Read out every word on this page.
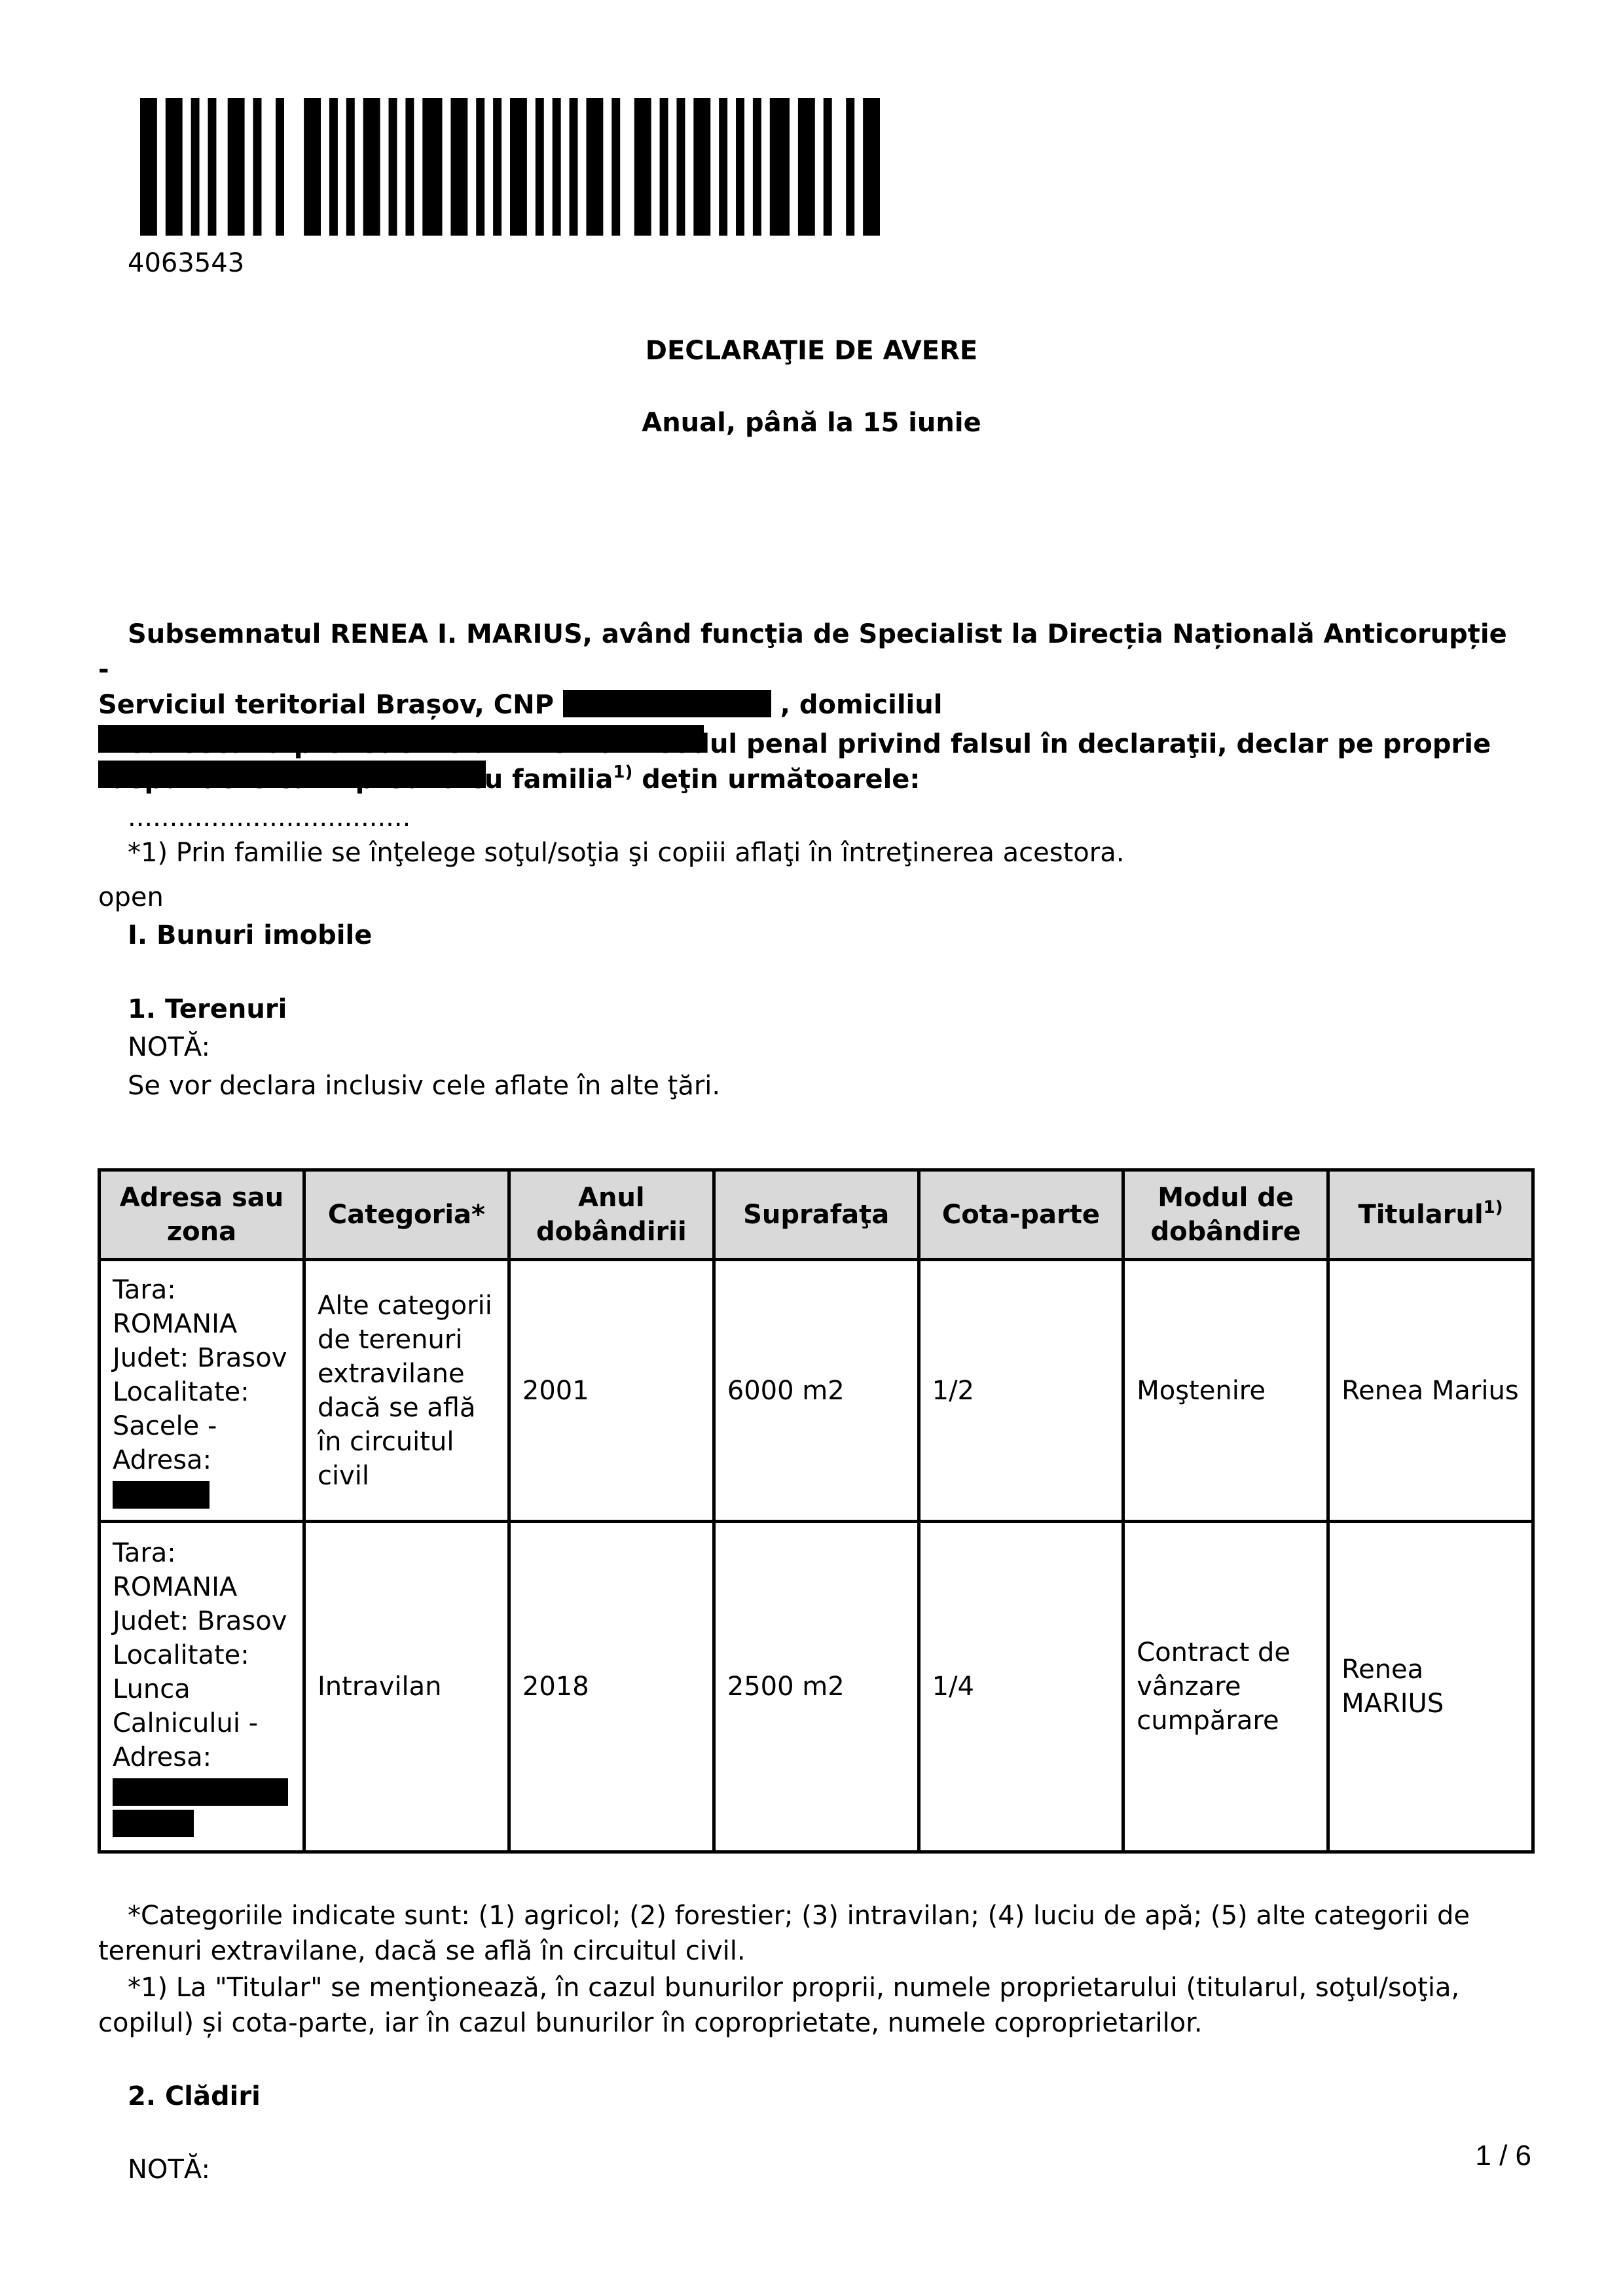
4063543
DECLARAŢIE DE AVERE
Anual, până la 15 iunie
Subsemnatul RENEA I. MARIUS, având funcţia de Specialist la Direcția Națională Anticorupție -
Serviciul teritorial Brașov, CNP	, domiciliul
cunoscând prevederile art. 292 din Codul penal privind falsul în declaraţii, declar pe proprie
răspundere că împreună cu familia$^{1)}$ deţin următoarele:
..................................
*1) Prin familie se înţelege soţul/soţia şi copiii aflaţi în întreţinerea acestora.
open
I. Bunuri imobile
1. Terenuri
NOTĂ:
Se vor declara inclusiv cele aflate în alte ţări.
Adresa sau zona	Categoria*	Anul dobândirii	Suprafaţa	Cota-parte	Modul de dobândire	Titularul$^{1)}$
Tara: ROMANIA Judet: Brasov Localitate: Sacele - Adresa:	Alte categorii de terenuri extravilane dacă se află în circuitul civil	2001	6000 m2	1/2	Moştenire	Renea Marius
Tara: ROMANIA Judet: Brasov Localitate: Lunca Calnicului - Adresa:	Intravilan	2018	2500 m2	1/4	Contract de vânzare cumpărare	Renea MARIUS
*Categoriile indicate sunt: (1) agricol; (2) forestier; (3) intravilan; (4) luciu de apă; (5) alte categorii de terenuri extravilane, dacă se află în circuitul civil.
*1) La "Titular" se menţionează, în cazul bunurilor proprii, numele proprietarului (titularul, soţul/soţia, copilul) și cota-parte, iar în cazul bunurilor în coproprietate, numele coproprietarilor.
2. Clădiri
NOTĂ:	1 / 6
